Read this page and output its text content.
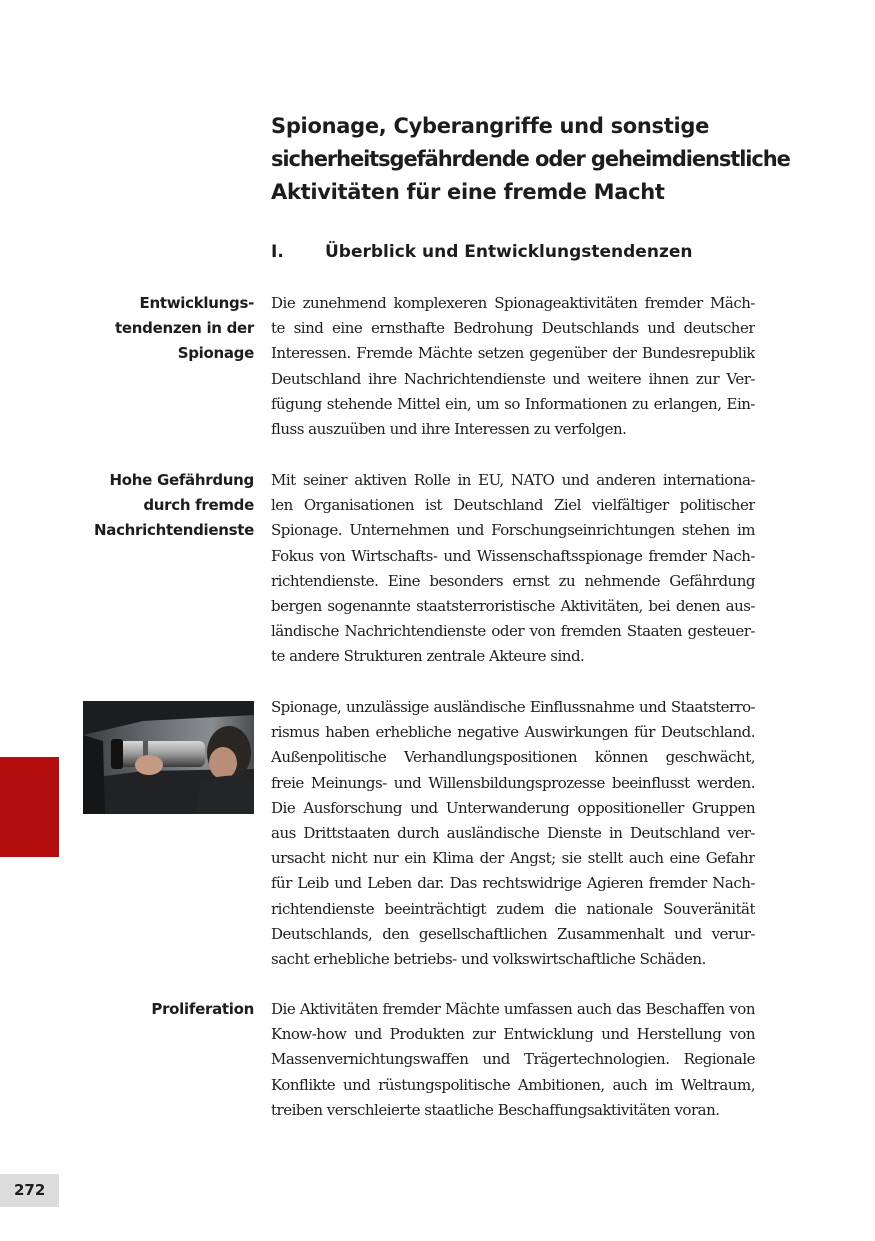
Spionage, Cyberangriffe und sonstige
sicherheitsgefährdende oder geheimdienstliche
Aktivitäten für eine fremde Macht
I. Überblick und Entwicklungstendenzen
Entwicklungs-
tendenzen in der
Spionage
Die zunehmend komplexeren Spionageaktivitäten fremder Mäch-
te sind eine ernsthafte Bedrohung Deutschlands und deutscher
Interessen. Fremde Mächte setzen gegenüber der Bundesrepublik
Deutschland ihre Nachrichtendienste und weitere ihnen zur Ver-
fügung stehende Mittel ein, um so Informationen zu erlangen, Ein-
fluss auszuüben und ihre Interessen zu verfolgen.
Hohe Gefährdung
durch fremde
Nachrichtendienste
Mit seiner aktiven Rolle in EU, NATO und anderen internationa-
len Organisationen ist Deutschland Ziel vielfältiger politischer
Spionage. Unternehmen und Forschungseinrichtungen stehen im
Fokus von Wirtschafts- und Wissenschaftsspionage fremder Nach-
richtendienste. Eine besonders ernst zu nehmende Gefährdung
bergen sogenannte staatsterroristische Aktivitäten, bei denen aus-
ländische Nachrichtendienste oder von fremden Staaten gesteuer-
te andere Strukturen zentrale Akteure sind.
Spionage, unzulässige ausländische Einflussnahme und Staatsterro-
rismus haben erhebliche negative Auswirkungen für Deutschland.
Außenpolitische Verhandlungspositionen können geschwächt,
freie Meinungs- und Willensbildungsprozesse beeinflusst werden.
Die Ausforschung und Unterwanderung oppositioneller Gruppen
aus Drittstaaten durch ausländische Dienste in Deutschland ver-
ursacht nicht nur ein Klima der Angst; sie stellt auch eine Gefahr
für Leib und Leben dar. Das rechtswidrige Agieren fremder Nach-
richtendienste beeinträchtigt zudem die nationale Souveränität
Deutschlands, den gesellschaftlichen Zusammenhalt und verur-
sacht erhebliche betriebs- und volkswirtschaftliche Schäden.
Proliferation Die Aktivitäten fremder Mächte umfassen auch das Beschaffen von
Know-how und Produkten zur Entwicklung und Herstellung von
Massenvernichtungswaffen und Trägertechnologien. Regionale
Konflikte und rüstungspolitische Ambitionen, auch im Weltraum,
treiben verschleierte staatliche Beschaffungsaktivitäten voran.
272
